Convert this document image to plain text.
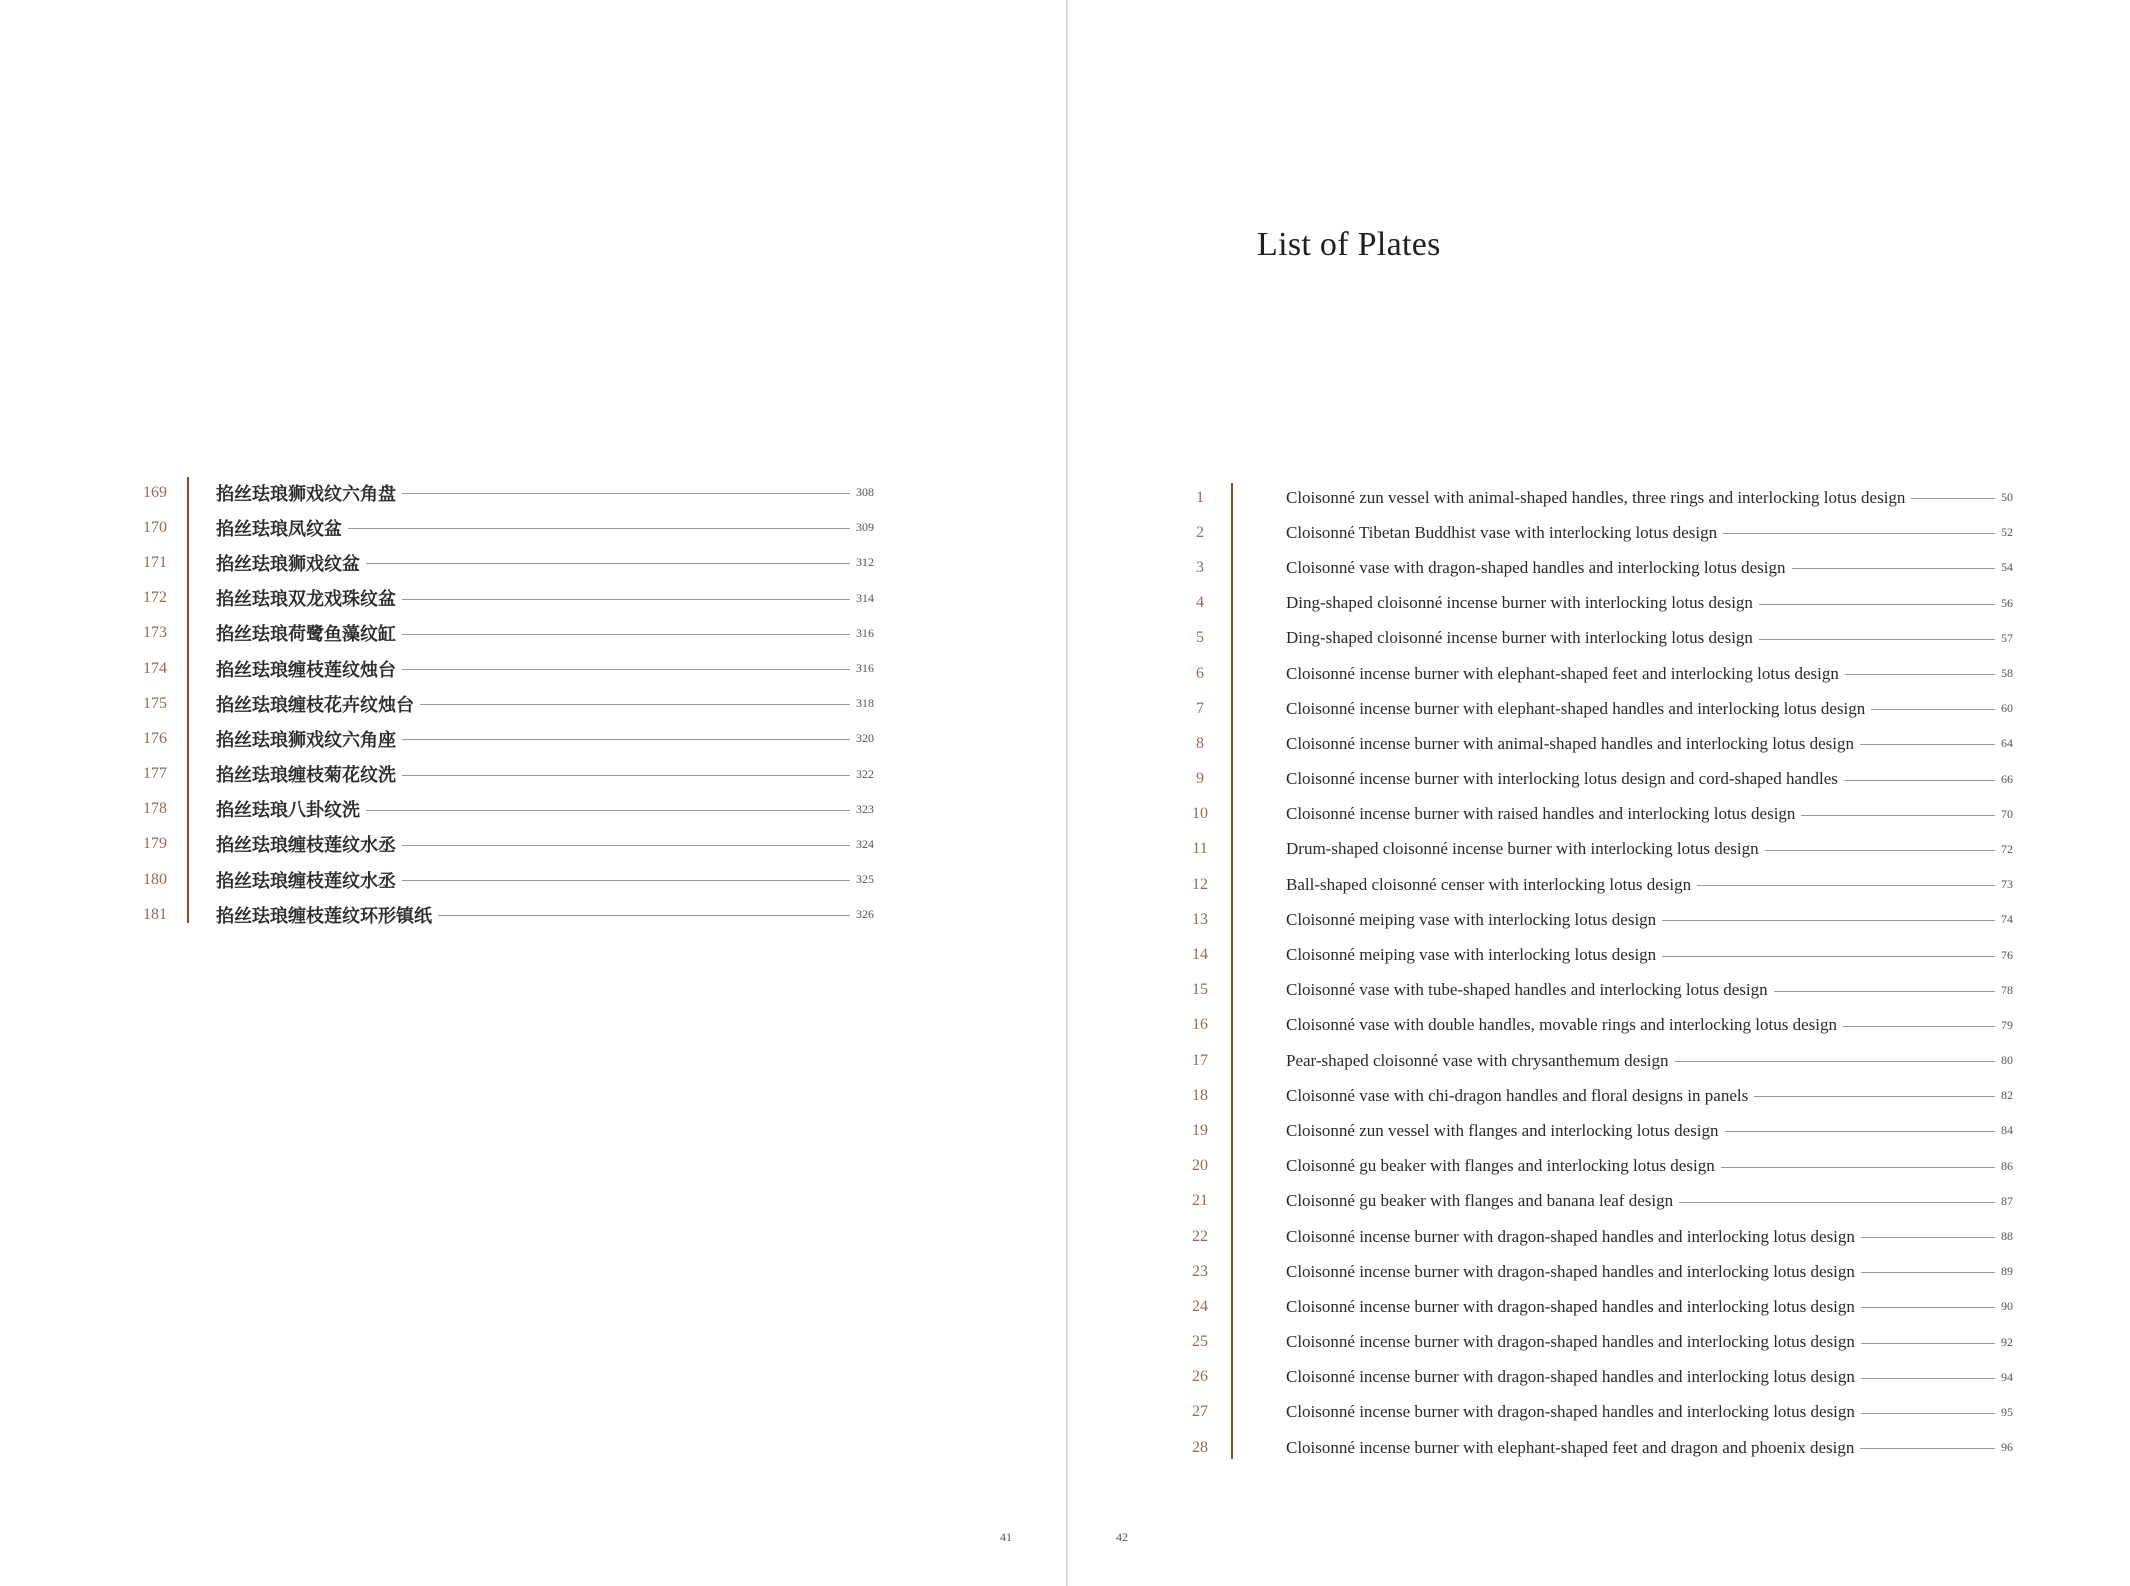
List of Plates
169	掐丝珐琅狮戏纹六角盘	308
170	掐丝珐琅凤纹盆	309
171	掐丝珐琅狮戏纹盆	312
172	掐丝珐琅双龙戏珠纹盆	314
173	掐丝珐琅荷鹭鱼藻纹缸	316
174	掐丝珐琅缠枝莲纹烛台	316
175	掐丝珐琅缠枝花卉纹烛台	318
176	掐丝珐琅狮戏纹六角座	320
177	掐丝珐琅缠枝菊花纹洗	322
178	掐丝珐琅八卦纹洗	323
179	掐丝珐琅缠枝莲纹水丞	324
180	掐丝珐琅缠枝莲纹水丞	325
181	掐丝珐琅缠枝莲纹环形镇纸	326
1	Cloisonné zun vessel with animal-shaped handles, three rings and interlocking lotus design	50
2	Cloisonné Tibetan Buddhist vase with interlocking lotus design	52
3	Cloisonné vase with dragon-shaped handles and interlocking lotus design	54
4	Ding-shaped cloisonné incense burner with interlocking lotus design	56
5	Ding-shaped cloisonné incense burner with interlocking lotus design	57
6	Cloisonné incense burner with elephant-shaped feet and interlocking lotus design	58
7	Cloisonné incense burner with elephant-shaped handles and interlocking lotus design	60
8	Cloisonné incense burner with animal-shaped handles and interlocking lotus design	64
9	Cloisonné incense burner with interlocking lotus design and cord-shaped handles	66
10	Cloisonné incense burner with raised handles and interlocking lotus design	70
11	Drum-shaped cloisonné incense burner with interlocking lotus design	72
12	Ball-shaped cloisonné censer with interlocking lotus design	73
13	Cloisonné meiping vase with interlocking lotus design	74
14	Cloisonné meiping vase with interlocking lotus design	76
15	Cloisonné vase with tube-shaped handles and interlocking lotus design	78
16	Cloisonné vase with double handles, movable rings and interlocking lotus design	79
17	Pear-shaped cloisonné vase with chrysanthemum design	80
18	Cloisonné vase with chi-dragon handles and floral designs in panels	82
19	Cloisonné zun vessel with flanges and interlocking lotus design	84
20	Cloisonné gu beaker with flanges and interlocking lotus design	86
21	Cloisonné gu beaker with flanges and banana leaf design	87
22	Cloisonné incense burner with dragon-shaped handles and interlocking lotus design	88
23	Cloisonné incense burner with dragon-shaped handles and interlocking lotus design	89
24	Cloisonné incense burner with dragon-shaped handles and interlocking lotus design	90
25	Cloisonné incense burner with dragon-shaped handles and interlocking lotus design	92
26	Cloisonné incense burner with dragon-shaped handles and interlocking lotus design	94
27	Cloisonné incense burner with dragon-shaped handles and interlocking lotus design	95
28	Cloisonné incense burner with elephant-shaped feet and dragon and phoenix design	96
41	42
